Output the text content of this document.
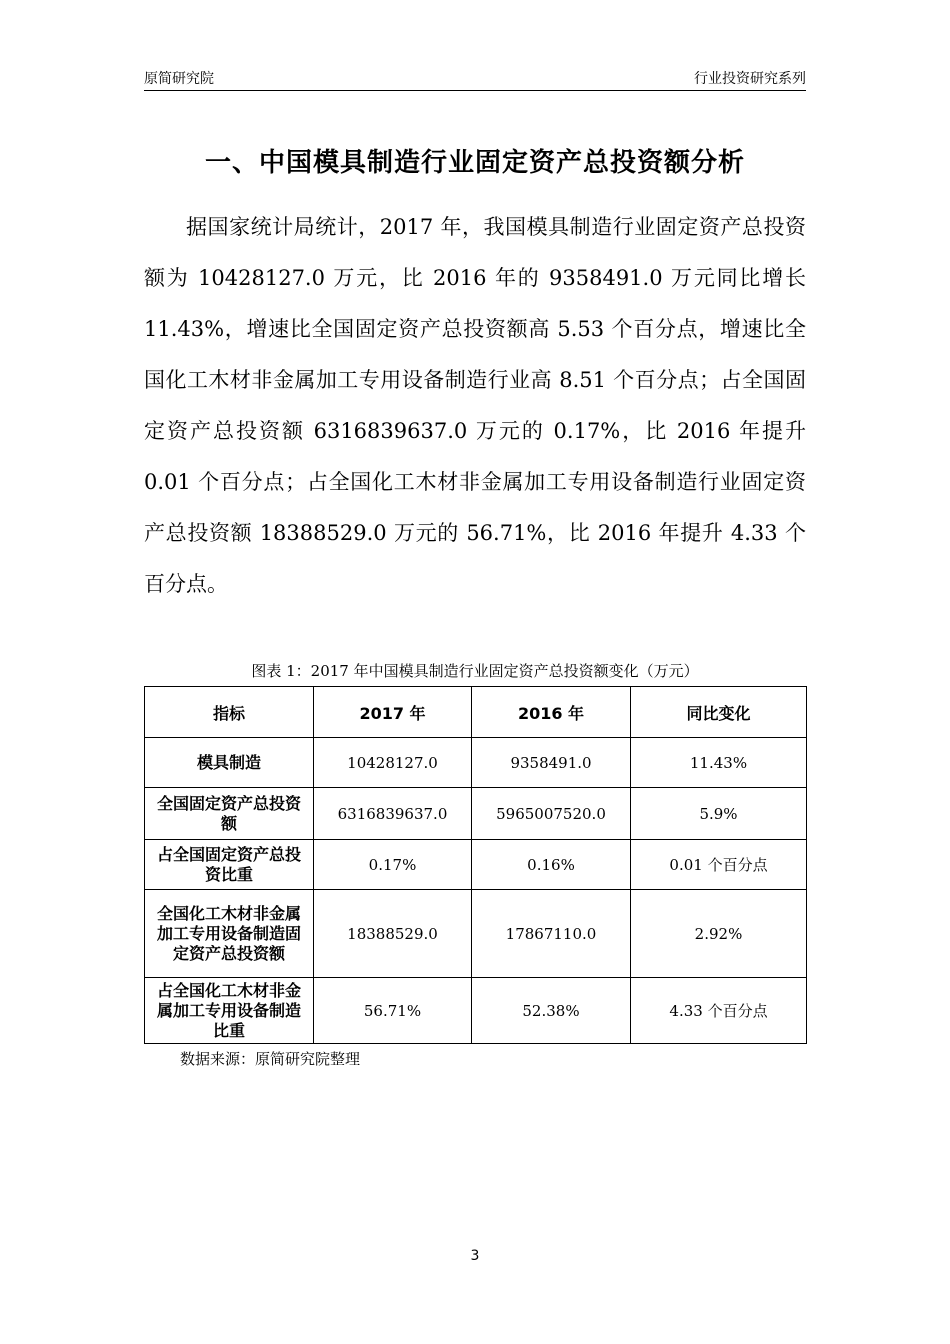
原简研究院	行业投资研究系列
一、中国模具制造行业固定资产总投资额分析

据国家统计局统计，2017 年，我国模具制造行业固定资产总投资额为 10428127.0 万元，比 2016 年的 9358491.0 万元同比增长 11.43%，增速比全国固定资产总投资额高 5.53 个百分点，增速比全国化工木材非金属加工专用设备制造行业高 8.51 个百分点；占全国固定资产总投资额 6316839637.0 万元的 0.17%，比 2016 年提升 0.01 个百分点；占全国化工木材非金属加工专用设备制造行业固定资产总投资额 18388529.0 万元的 56.71%，比 2016 年提升 4.33 个百分点。

图表 1：2017 年中国模具制造行业固定资产总投资额变化（万元）
指标	2017 年	2016 年	同比变化
模具制造	10428127.0	9358491.0	11.43%
全国固定资产总投资额	6316839637.0	5965007520.0	5.9%
占全国固定资产总投资比重	0.17%	0.16%	0.01 个百分点
全国化工木材非金属加工专用设备制造固定资产总投资额	18388529.0	17867110.0	2.92%
占全国化工木材非金属加工专用设备制造比重	56.71%	52.38%	4.33 个百分点
数据来源：原简研究院整理
3
